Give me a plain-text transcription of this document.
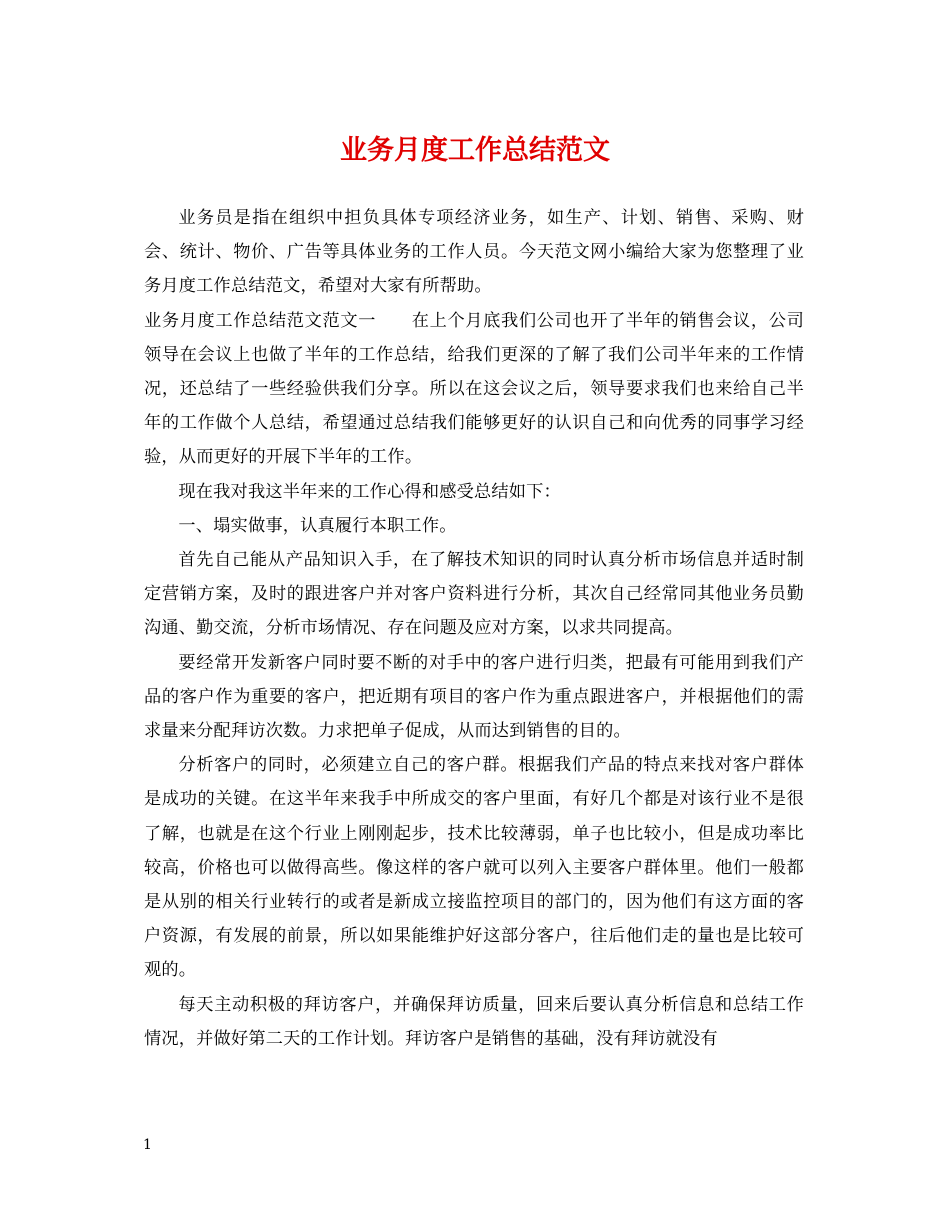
业务月度工作总结范文

业务员是指在组织中担负具体专项经济业务，如生产、计划、销售、采购、财会、统计、物价、广告等具体业务的工作人员。今天范文网小编给大家为您整理了业务月度工作总结范文，希望对大家有所帮助。

业务月度工作总结范文范文一　　在上个月底我们公司也开了半年的销售会议，公司领导在会议上也做了半年的工作总结，给我们更深的了解了我们公司半年来的工作情况，还总结了一些经验供我们分享。所以在这会议之后，领导要求我们也来给自己半年的工作做个人总结，希望通过总结我们能够更好的认识自己和向优秀的同事学习经验，从而更好的开展下半年的工作。

现在我对我这半年来的工作心得和感受总结如下：

一、塌实做事，认真履行本职工作。

首先自己能从产品知识入手，在了解技术知识的同时认真分析市场信息并适时制定营销方案，及时的跟进客户并对客户资料进行分析，其次自己经常同其他业务员勤沟通、勤交流，分析市场情况、存在问题及应对方案，以求共同提高。

要经常开发新客户同时要不断的对手中的客户进行归类，把最有可能用到我们产品的客户作为重要的客户，把近期有项目的客户作为重点跟进客户，并根据他们的需求量来分配拜访次数。力求把单子促成，从而达到销售的目的。

分析客户的同时，必须建立自己的客户群。根据我们产品的特点来找对客户群体是成功的关键。在这半年来我手中所成交的客户里面，有好几个都是对该行业不是很了解，也就是在这个行业上刚刚起步，技术比较薄弱，单子也比较小，但是成功率比较高，价格也可以做得高些。像这样的客户就可以列入主要客户群体里。他们一般都是从别的相关行业转行的或者是新成立接监控项目的部门的，因为他们有这方面的客户资源，有发展的前景，所以如果能维护好这部分客户，往后他们走的量也是比较可观的。

每天主动积极的拜访客户，并确保拜访质量，回来后要认真分析信息和总结工作情况，并做好第二天的工作计划。拜访客户是销售的基础，没有拜访就没有

1
